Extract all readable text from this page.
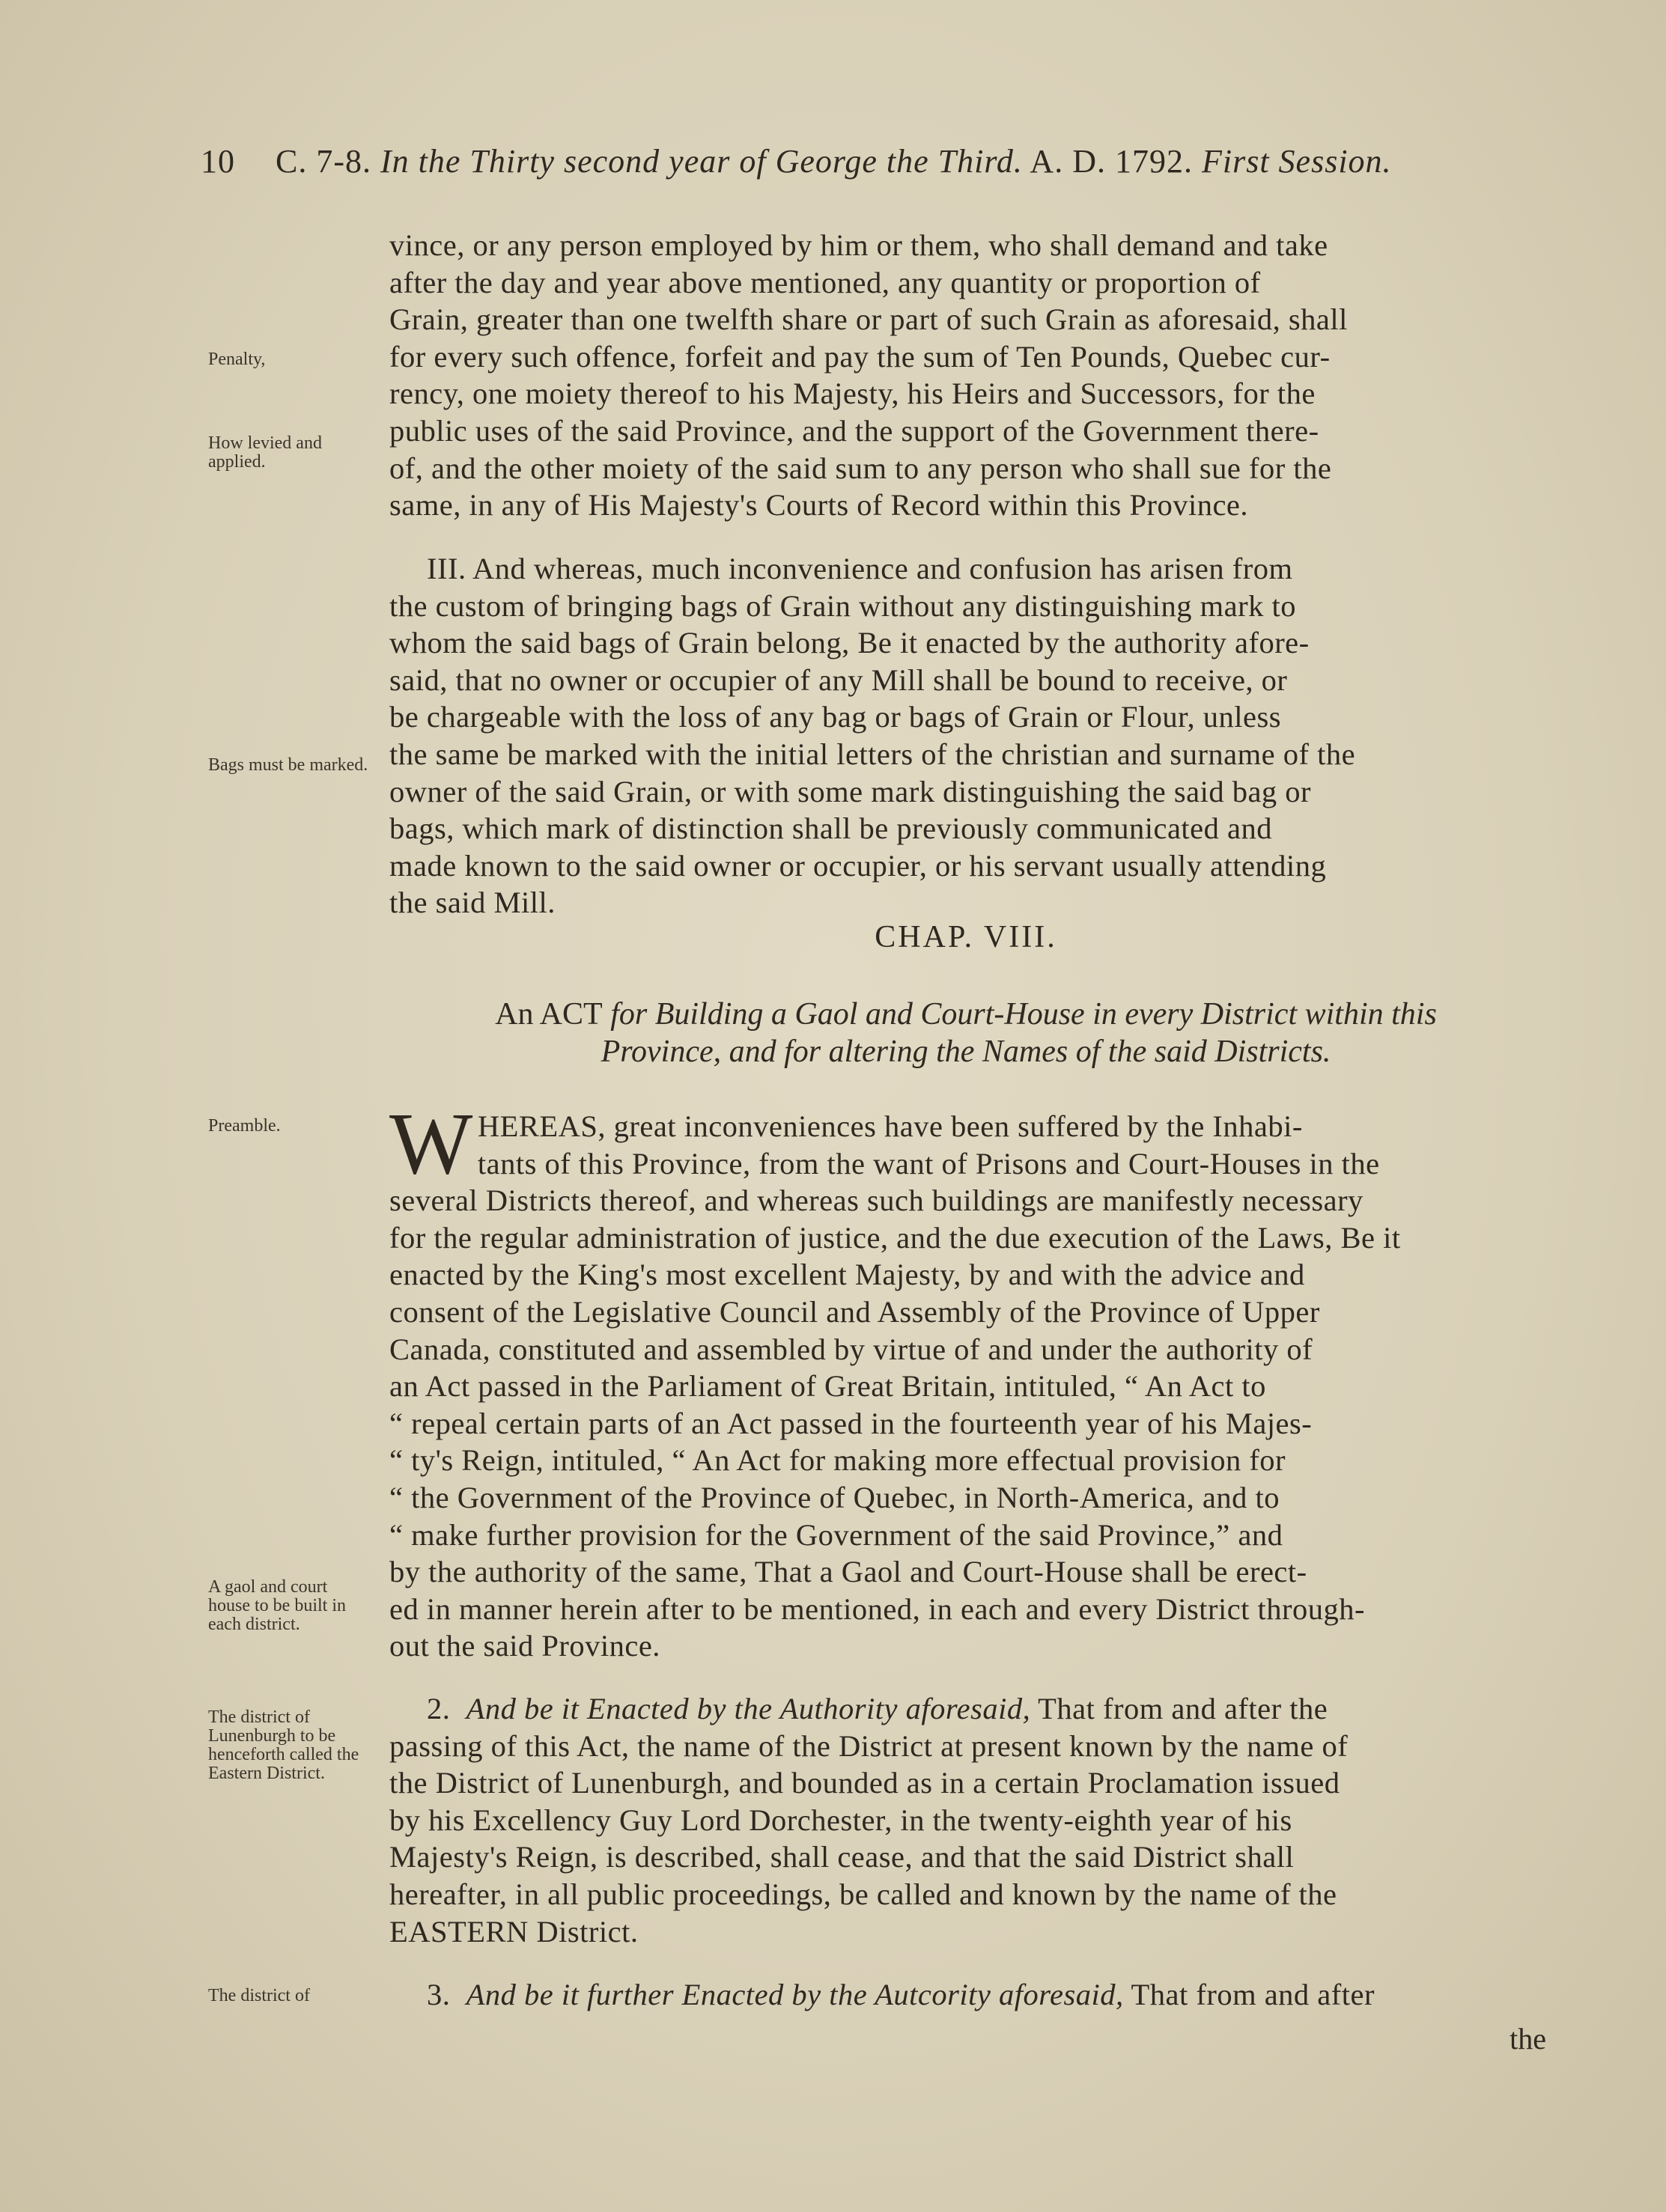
10 C. 7-8. In the Thirty second year of George the Third. A. D. 1792. First Session.
vince, or any person employed by him or them, who shall demand and take
after the day and year above mentioned, any quantity or proportion of
Grain, greater than one twelfth share or part of such Grain as aforesaid, shall
for every such offence, forfeit and pay the sum of Ten Pounds, Quebec cur-
rency, one moiety thereof to his Majesty, his Heirs and Successors, for the
public uses of the said Province, and the support of the Government there-
of, and the other moiety of the said sum to any person who shall sue for the
same, in any of His Majesty's Courts of Record within this Province.
Penalty,
How levied and applied.
III. And whereas, much inconvenience and confusion has arisen from
the custom of bringing bags of Grain without any distinguishing mark to
whom the said bags of Grain belong, Be it enacted by the authority afore-
said, that no owner or occupier of any Mill shall be bound to receive, or
be chargeable with the loss of any bag or bags of Grain or Flour, unless
the same be marked with the initial letters of the christian and surname of the
owner of the said Grain, or with some mark distinguishing the said bag or
bags, which mark of distinction shall be previously communicated and
made known to the said owner or occupier, or his servant usually attending
the said Mill.
Bags must be marked.
CHAP. VIII.
An ACT for Building a Gaol and Court-House in every District within this
Province, and for altering the Names of the said Districts.
Preamble.	W HEREAS, great inconveniences have been suffered by the Inhabi-
tants of this Province, from the want of Prisons and Court-Houses in the
several Districts thereof, and whereas such buildings are manifestly necessary
for the regular administration of justice, and the due execution of the Laws, Be it
enacted by the King's most excellent Majesty, by and with the advice and
consent of the Legislative Council and Assembly of the Province of Upper
Canada, constituted and assembled by virtue of and under the authority of
an Act passed in the Parliament of Great Britain, intituled, “ An Act to
“ repeal certain parts of an Act passed in the fourteenth year of his Majes-
“ ty's Reign, intituled, “ An Act for making more effectual provision for
“ the Government of the Province of Quebec, in North-America, and to
“ make further provision for the Government of the said Province,” and
by the authority of the same, That a Gaol and Court-House shall be erect-
ed in manner herein after to be mentioned, in each and every District through-
out the said Province.
A gaol and court house to be built in each district.
2. And be it Enacted by the Authority aforesaid, That from and after the
passing of this Act, the name of the District at present known by the name of
the District of Lunenburgh, and bounded as in a certain Proclamation issued
by his Excellency Guy Lord Dorchester, in the twenty-eighth year of his
Majesty's Reign, is described, shall cease, and that the said District shall
hereafter, in all public proceedings, be called and known by the name of the
EASTERN District.
The district of Lunenburgh to be henceforth called the Eastern District.
3. And be it further Enacted by the Autcority aforesaid, That from and after
The district of
the
